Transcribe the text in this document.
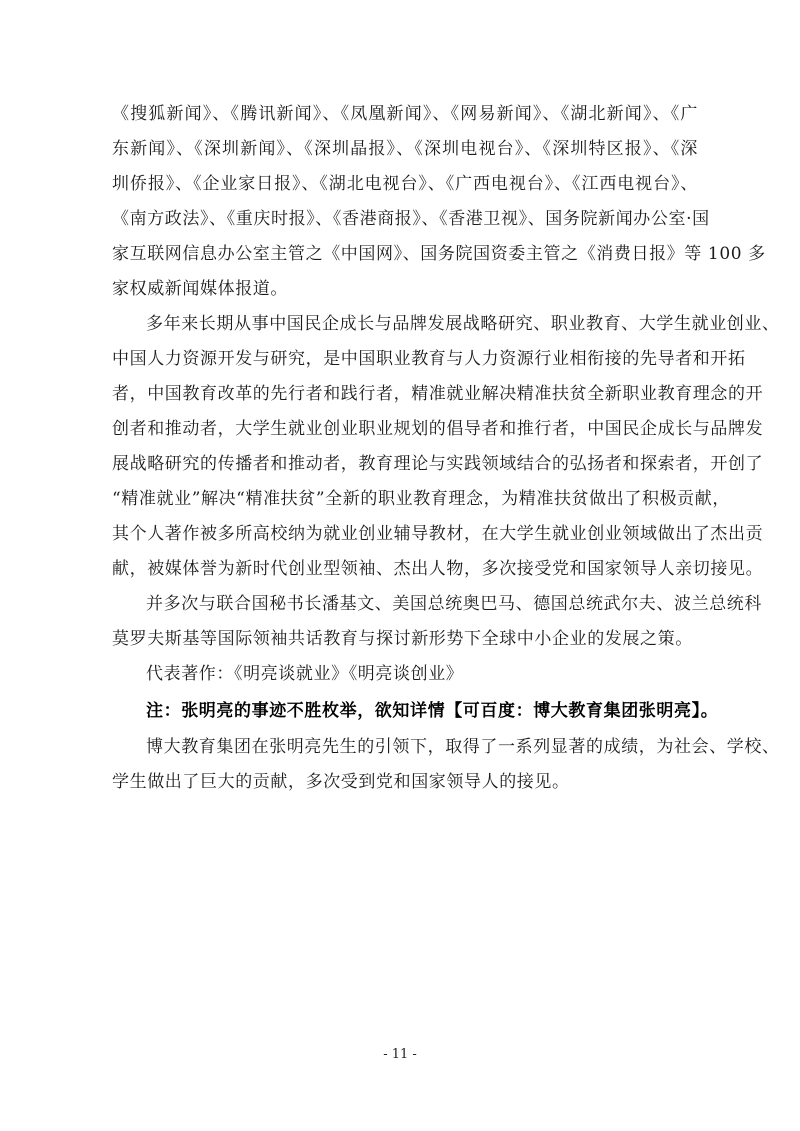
《搜狐新闻》、《腾讯新闻》、《凤凰新闻》、《网易新闻》、《湖北新闻》、《广
东新闻》、《深圳新闻》、《深圳晶报》、《深圳电视台》、《深圳特区报》、《深
圳侨报》、《企业家日报》、《湖北电视台》、《广西电视台》、《江西电视台》、
《南方政法》、《重庆时报》、《香港商报》、《香港卫视》、国务院新闻办公室·国
家互联网信息办公室主管之《中国网》、国务院国资委主管之《消费日报》等 100 多
家权威新闻媒体报道。
多年来长期从事中国民企成长与品牌发展战略研究、职业教育、大学生就业创业、
中国人力资源开发与研究，是中国职业教育与人力资源行业相衔接的先导者和开拓
者，中国教育改革的先行者和践行者，精准就业解决精准扶贫全新职业教育理念的开
创者和推动者，大学生就业创业职业规划的倡导者和推行者，中国民企成长与品牌发
展战略研究的传播者和推动者，教育理论与实践领域结合的弘扬者和探索者，开创了
“精准就业”解决“精准扶贫”全新的职业教育理念，为精准扶贫做出了积极贡献，
其个人著作被多所高校纳为就业创业辅导教材，在大学生就业创业领域做出了杰出贡
献，被媒体誉为新时代创业型领袖、杰出人物，多次接受党和国家领导人亲切接见。
并多次与联合国秘书长潘基文、美国总统奥巴马、德国总统武尔夫、波兰总统科
莫罗夫斯基等国际领袖共话教育与探讨新形势下全球中小企业的发展之策。
代表著作：《明亮谈就业》《明亮谈创业》
注：张明亮的事迹不胜枚举，欲知详情【可百度：博大教育集团张明亮】。
博大教育集团在张明亮先生的引领下，取得了一系列显著的成绩，为社会、学校、
学生做出了巨大的贡献，多次受到党和国家领导人的接见。
- 11 -
